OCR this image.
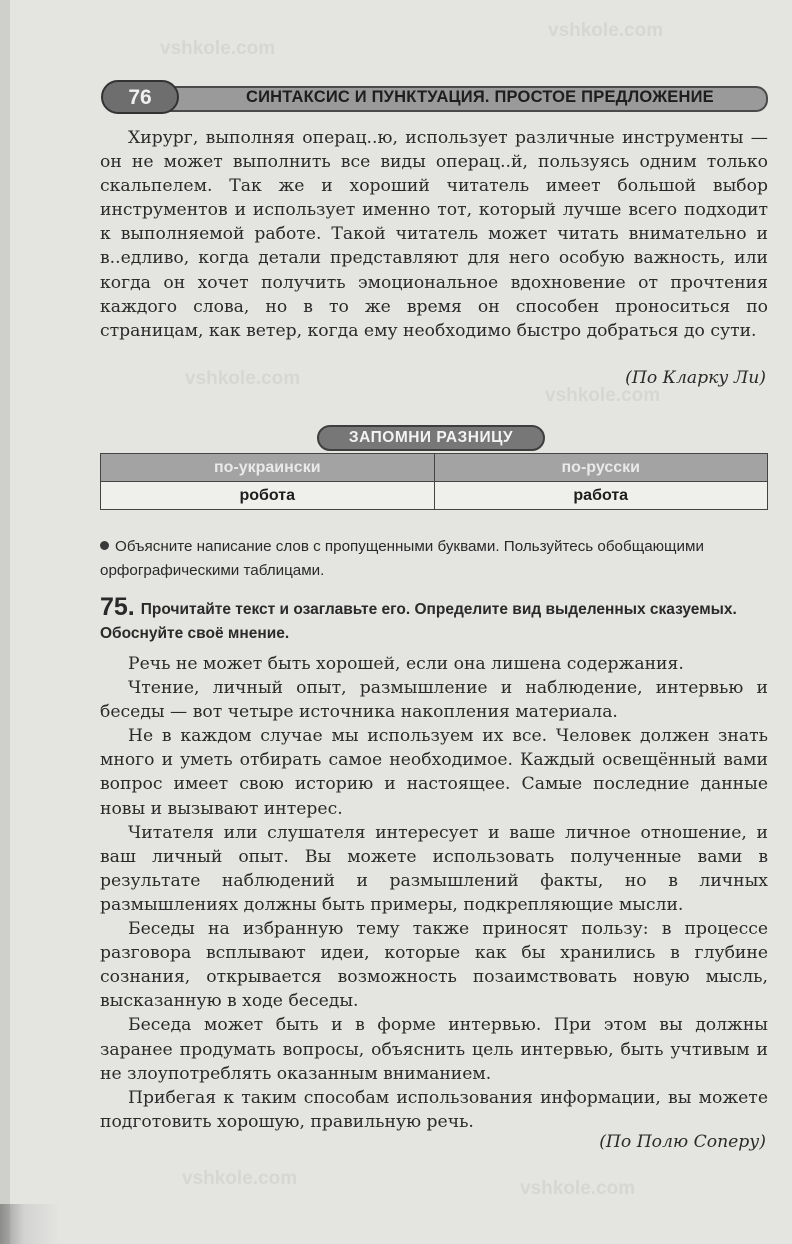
vshkole.com
vshkole.com
vshkole.com
vshkole.com
vshkole.com	vshkole.com
76	СИНТАКСИС И ПУНКТУАЦИЯ. ПРОСТОЕ ПРЕДЛОЖЕНИЕ

Хирург, выполняя операц..ю, использует различные инструменты — он не может выполнить все виды операц..й, пользуясь одним только скальпелем. Так же и хороший читатель имеет большой выбор инструментов и использует именно тот, который лучше всего подходит к выполняемой работе. Такой читатель может читать внимательно и в..едливо, когда детали представляют для него особую важность, или когда он хочет получить эмоциональное вдохновение от прочтения каждого слова, но в то же время он способен проноситься по страницам, как ветер, когда ему необходимо быстро добраться до сути.

(По Кларку Ли)
ЗАПОМНИ РАЗНИЦУ
по-украински	по-русски
робота	работа
Объясните написание слов с пропущенными буквами. Пользуйтесь обобщающими орфографическими таблицами.
75. Прочитайте текст и озаглавьте его. Определите вид выделенных сказуемых. Обоснуйте своё мнение.

Речь не может быть хорошей, если она лишена содержания.

Чтение, личный опыт, размышление и наблюдение, интервью и беседы — вот четыре источника накопления материала.

Не в каждом случае мы используем их все. Человек должен знать много и уметь отбирать самое необходимое. Каждый освещённый вами вопрос имеет свою историю и настоящее. Самые последние данные новы и вызывают интерес.

Читателя или слушателя интересует и ваше личное отношение, и ваш личный опыт. Вы можете использовать полученные вами в результате наблюдений и размышлений факты, но в личных размышлениях должны быть примеры, подкрепляющие мысли.

Беседы на избранную тему также приносят пользу: в процессе разговора всплывают идеи, которые как бы хранились в глубине сознания, открывается возможность позаимствовать новую мысль, высказанную в ходе беседы.

Беседа может быть и в форме интервью. При этом вы должны заранее продумать вопросы, объяснить цель интервью, быть учтивым и не злоупотреблять оказанным вниманием.

Прибегая к таким способам использования информации, вы можете подготовить хорошую, правильную речь.

(По Полю Соперу)
